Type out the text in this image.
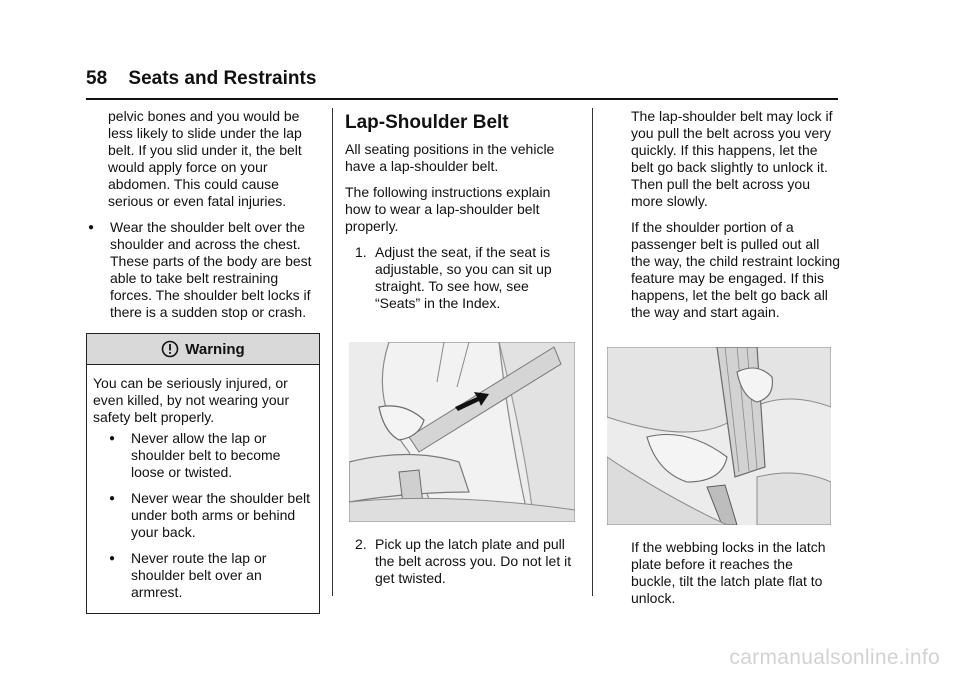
58 Seats and Restraints

pelvic bones and you would be less likely to slide under the lap belt. If you slid under it, the belt would apply force on your abdomen. This could cause serious or even fatal injuries.

●	Wear the shoulder belt over the shoulder and across the chest. These parts of the body are best able to take belt restraining forces. The shoulder belt locks if there is a sudden stop or crash.
Warning

You can be seriously injured, or even killed, by not wearing your safety belt properly.

●	Never allow the lap or shoulder belt to become loose or twisted.
●	Never wear the shoulder belt under both arms or behind your back.
●	Never route the lap or shoulder belt over an armrest.
Lap-Shoulder Belt

All seating positions in the vehicle have a lap-shoulder belt.

The following instructions explain how to wear a lap-shoulder belt properly.

1. Adjust the seat, if the seat is adjustable, so you can sit up straight. To see how, see “Seats” in the Index.
2. Pick up the latch plate and pull the belt across you. Do not let it get twisted.

The lap-shoulder belt may lock if you pull the belt across you very quickly. If this happens, let the belt go back slightly to unlock it. Then pull the belt across you more slowly.

If the shoulder portion of a passenger belt is pulled out all the way, the child restraint locking feature may be engaged. If this happens, let the belt go back all the way and start again.

If the webbing locks in the latch plate before it reaches the buckle, tilt the latch plate flat to unlock.

carmanualsonline.info
